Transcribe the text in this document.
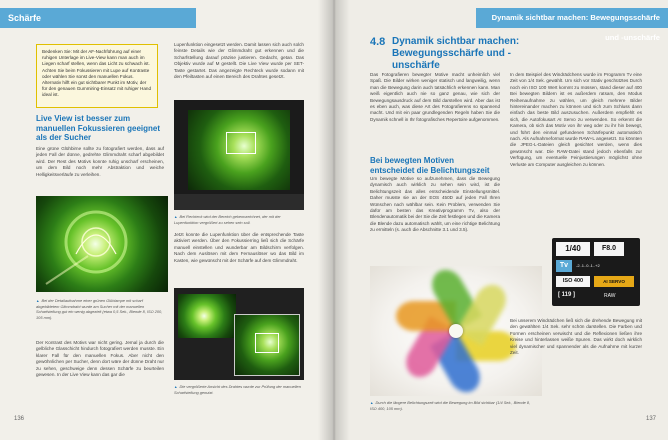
Schärfe
Bedenken Sie: Mit der AF-Nachführung auf einer ruhigen Unterlage im Live-View kann man auch im Liegen scharf stellen, wenn das Licht zu schwach ist. Achten Sie beim Fokussieren mit Lupe auf Kontraste oder wählen Sie sonst den manuellen Fokus. Alternativ hilft ein gut sichtbarer Punkt im Motiv, der für den genauen Gummiring-Einsatz mit ruhiger Hand ideal ist.
Live View ist besser zum manuellen Fokussieren geeignet als der Sucher
Eine grüne Glühbirne sollte zu fotografiert werden, dass auf jeden Fall der dünne, gedrehte Glimmdraht scharf abgebildet wird. Der Rest des Motivs konnte ruhig unscharf erscheinen, um dem Bild noch mehr Abstraktion und weiche Helligkeitsverläufe zu verleihen.
▲ Bei der Detailaufnahme einer grünen Glühlampe mit scharf abgebildetem Glimmdraht wurde am Sucher mit der manuellen Scharfstellung gut ein wenig abgezielt (etwa 0,5 Sek., Blende 8, ISO 200, 105 mm).
Der Kontrast des Motivs war nicht gering. Jemal ja durch die gelbliche Glasschicht hindurch fotografiert werden musste. Ein klarer Fall für den manuellen Fokus. Aber nicht den gewöhnlichen per Sucher, denn dort wäre der dünne Draht nur zu sehen, geschweige denn dessen Schärfe zu beurteilen gewesen. In der Live View kann das gar die
Lupenfunktion eingesetzt werden. Damit lassen sich auch solch feinste Details wie der Glimmdraht gut erkennen und die Scharfstellung darauf präzise justieren. Gedacht, getan. Das Objektiv wurde auf M gestellt. Die Live View wurde per SET-Taste gestartet. Das angezeigte Rechteck wurde sodann mit den Pfeiltasten auf einen Bereich des Drahtes gesetzt.
▲ Bei Rechteck wird der Bereich gekennzeichnet, der mit der Lupenfunktion vergrößert zu sehen sein soll.
Jetzt konnte die Lupenfunktion über die entsprechende Taste aktiviert werden. Über den Fokussierring ließ sich die Schärfe manuell einstellen und wunderbar am Bildschirm verfolgen. Nach dem Auslösen mit dem Fernauslöser wo das Bild im Kasten, wie gewünscht mit der Schärfe auf dem Glimmdraht.
▲ Die vergrößerte Ansicht des Drahtes wurde zur Prüfung der manuellen Scharfstellung genutzt.
136
Dynamik sichtbar machen: Bewegungsschärfe und -unschärfe
4.8 Dynamik sichtbar machen: Bewegungsschärfe und -unschärfe
Das Fotografieren bewegter Motive macht unheimlich viel Spaß. Die Bilder wirken weniger statisch und langweilig, wenn man die Bewegung darin auch tatsächlich erkennen kann. Man weiß eigentlich auch nie so ganz genau, wie sich der Bewegungsausdruck auf dem Bild darstellen wird. Aber das ist es eben auch, was diese Art des Fotografierens so spannend macht. Und mit ein paar grundlegenden Regeln haben Sie die Dynamik schnell in Ihr fotografisches Repertoire aufgenommen.
Bei bewegten Motiven entscheidet die Belichtungszeit
Um bewegte Motive so aufzunehmen, dass die Bewegung dynamisch auch wirklich zu sehen sein wird, ist die Belichtungszeit das alles entscheidende Einstellungsmittel. Daher musste sie an der EOS 450D auf jeden Fall Ihren Wünschen nach wählbar sein. Kein Problem, verwenden Sie dafür am besten das Kreativprogramm Tv, also der Blendenautomatik bei der Sie die Zeit festlegen und die Kamera die Blende dazu automatisch wählt, um eine richtige Belichtung zu ermitteln (s. auch die Abschnitte 3.1 und 3.5).
▲ Durch die längere Belichtungszeit wird die Bewegung im Bild sichtbar (1/4 Sek., Blende 8, ISO 400, 105 mm).
In dem Beispiel des Windrädchens wurde im Programm Tv eine Zeit von 1/4 Sek. gewählt. Um sich vor Stativ geschütztes Durch noch ein ISO 100 Wert kommt zu müssen, stand dieser auf 400 Bei bewegten Bildern ist es außerdem ratsam, den Modus Reihenaufnahme zu wählen, um gleich mehrere Bilder hintereinander machen zu können und sich zum Schluss dann einfach das beste Bild auszusuchen. Außerdem empfiehlt es sich, die Autofokusart AI Servo zu verwenden. So erkennt die Kamera, ob sich das Motiv von ihr weg oder zu ihr hin bewegt, und führt den einmal gefundenen Schärfepunkt automatisch nach. Als Aufnahmeformat wurde RAW+L angesetzt. So könnten die JPEG-L-Dateien gleich gesichtet werden, wenn dies gewünscht war. Die RAW-Datei stand jedoch ebenfalls zur Verfügung, um eventuelle Feinjustierungen möglichst ohne Verluste am Computer ausgleichen zu können.
1/40	F8.0
Tv	-2..1..0..1..+2
ISO 400	AI SERVO
[ 119 ]	RAW
Bei unserem Windrädchen ließ sich die drehende Bewegung mit den gewählten 1/4 Sek. sehr schön darstellen. Die Farben und Formen erscheinen verwischt und die Reflexionen ließen ihre Kreise und hinterlassen weiße Spuren. Das wirkt doch wirklich viel dynamischer und spannender als die Aufnahme mit kurzer Zeit.
137
